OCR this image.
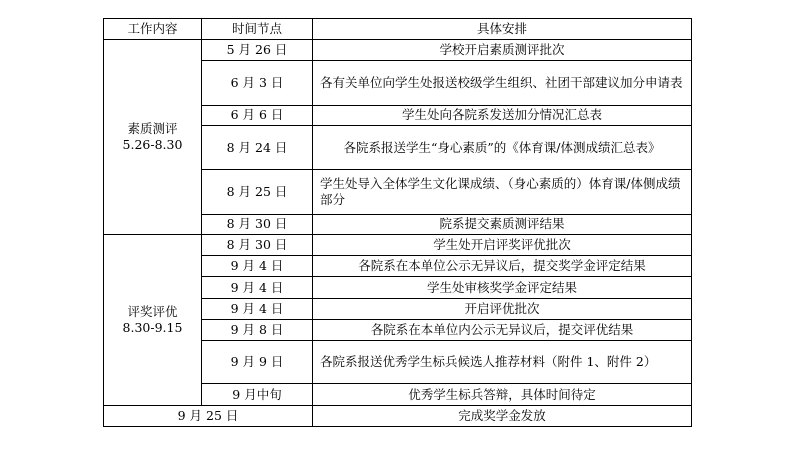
工作内容	时间节点	具体安排

素质测评
5.26-8.30	5 月 26 日	学校开启素质测评批次
	6 月 3 日	各有关单位向学生处报送校级学生组织、社团干部建议加分申请表
	6 月 6 日	学生处向各院系发送加分情况汇总表
	8 月 24 日	各院系报送学生“身心素质”的《体育课/体测成绩汇总表》
	8 月 25 日	学生处导入全体学生文化课成绩、（身心素质的）体育课/体侧成绩部分
	8 月 30 日	院系提交素质测评结果

评奖评优
8.30-9.15	8 月 30 日	学生处开启评奖评优批次
	9 月 4 日	各院系在本单位公示无异议后，提交奖学金评定结果
	9 月 4 日	学生处审核奖学金评定结果
	9 月 4 日	开启评优批次
	9 月 8 日	各院系在本单位内公示无异议后，提交评优结果
	9 月 9 日	各院系报送优秀学生标兵候选人推荐材料（附件 1、附件 2）
	9 月中旬	优秀学生标兵答辩，具体时间待定
9 月 25 日		完成奖学金发放
